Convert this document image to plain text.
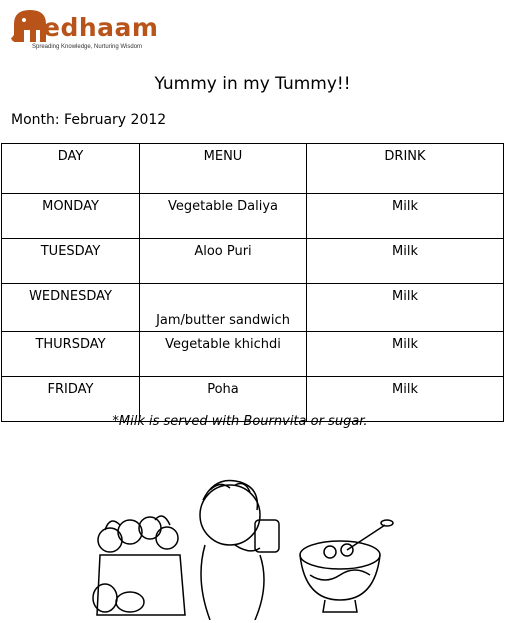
edhaam
Spreading Knowledge, Nurturing Wisdom
Yummy in my Tummy!!
Month: February 2012
DAY	MENU	DRINK
MONDAY	Vegetable Daliya	Milk
TUESDAY	Aloo Puri	Milk
WEDNESDAY	Jam/butter sandwich	Milk
THURSDAY	Vegetable khichdi	Milk
FRIDAY	Poha	Milk
*Milk is served with Bournvita or sugar.
